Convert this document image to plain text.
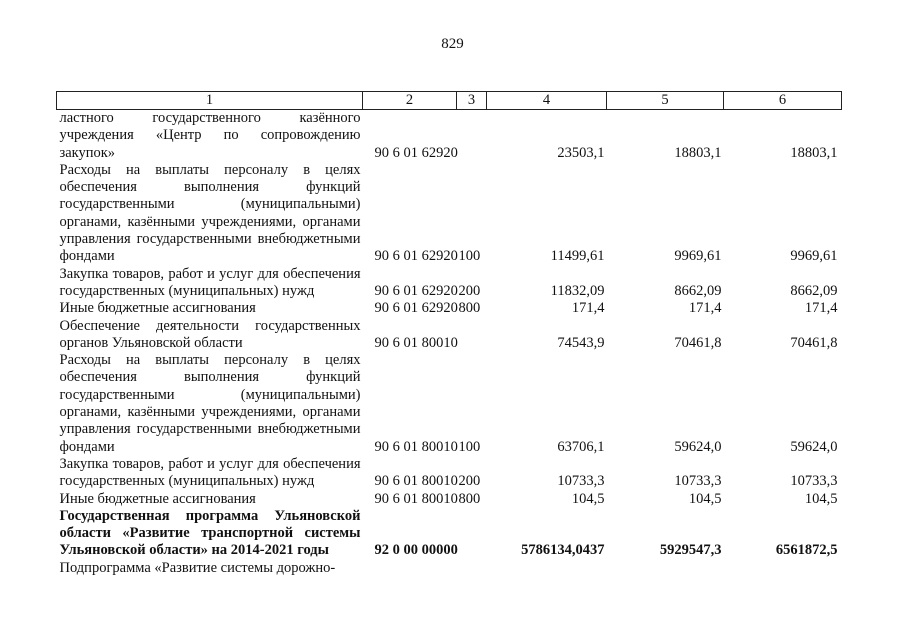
829
1	2	3	4	5	6
ластного государственного казённого учреждения «Центр по сопровождению закупок»	90 6 01 62920		23503,1	18803,1	18803,1
Расходы на выплаты персоналу в целях обеспечения выполнения функций государственными (муниципальными) органами, казёнными учреждениями, органами управления государственными внебюджетными фондами	90 6 01 62920	100	11499,61	9969,61	9969,61
Закупка товаров, работ и услуг для обеспечения государственных (муниципальных) нужд	90 6 01 62920	200	11832,09	8662,09	8662,09
Иные бюджетные ассигнования	90 6 01 62920	800	171,4	171,4	171,4
Обеспечение деятельности государственных органов Ульяновской области	90 6 01 80010		74543,9	70461,8	70461,8
Расходы на выплаты персоналу в целях обеспечения выполнения функций государственными (муниципальными) органами, казёнными учреждениями, органами управления государственными внебюджетными фондами	90 6 01 80010	100	63706,1	59624,0	59624,0
Закупка товаров, работ и услуг для обеспечения государственных (муниципальных) нужд	90 6 01 80010	200	10733,3	10733,3	10733,3
Иные бюджетные ассигнования	90 6 01 80010	800	104,5	104,5	104,5
Государственная программа Ульяновской области «Развитие транспортной системы Ульяновской области» на 2014-2021 годы	92 0 00 00000		5786134,0437	5929547,3	6561872,5
Подпрограмма «Развитие системы дорожно-					
